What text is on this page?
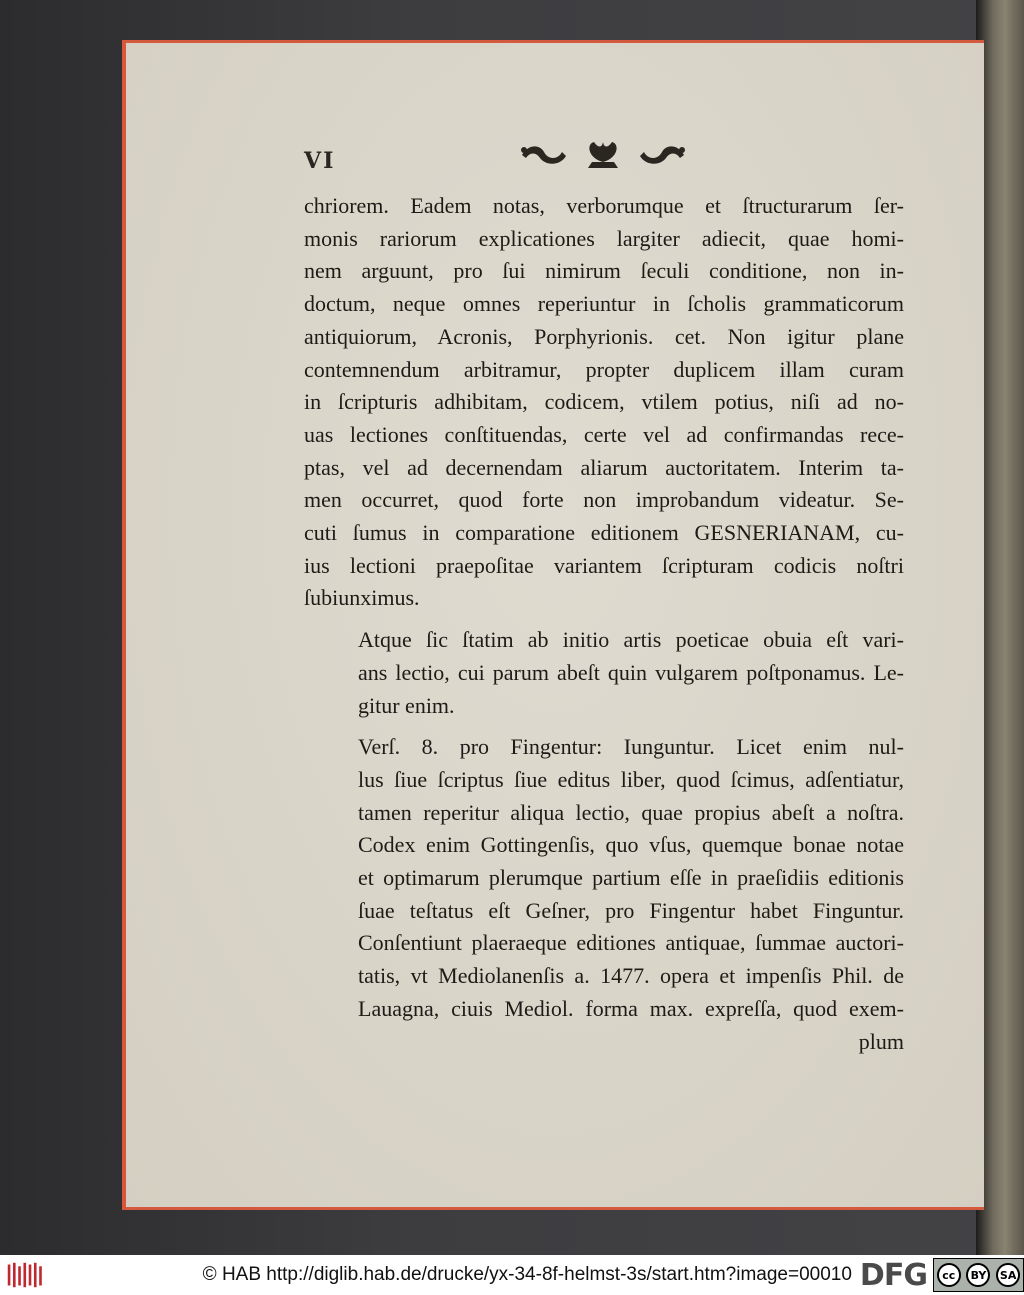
VI

chriorem. Eadem notas, verborumque et ſtructurarum ſer-
monis rariorum explicationes largiter adiecit, quae homi-
nem arguunt, pro ſui nimirum ſeculi conditione, non in-
doctum, neque omnes reperiuntur in ſcholis grammaticorum
antiquiorum, Acronis, Porphyrionis. cet. Non igitur plane
contemnendum arbitramur, propter duplicem illam curam
in ſcripturis adhibitam, codicem, vtilem potius, niſi ad no-
uas lectiones conſtituendas, certe vel ad confirmandas rece-
ptas, vel ad decernendam aliarum auctoritatem. Interim ta-
men occurret, quod forte non improbandum videatur. Se-
cuti ſumus in comparatione editionem GESNERIANAM, cu-
ius lectioni praepoſitae variantem ſcripturam codicis noſtri
ſubiunximus.

Atque ſic ſtatim ab initio artis poeticae obuia eſt vari-
ans lectio, cui parum abeſt quin vulgarem poſtponamus. Le-
gitur enim.

Verſ. 8. pro Fingentur: Iunguntur. Licet enim nul-
lus ſiue ſcriptus ſiue editus liber, quod ſcimus, adſentiatur,
tamen reperitur aliqua lectio, quae propius abeſt a noſtra.
Codex enim Gottingenſis, quo vſus, quemque bonae notae
et optimarum plerumque partium eſſe in praeſidiis editionis
ſuae teſtatus eſt Geſner, pro Fingentur habet Finguntur.
Conſentiunt plaeraeque editiones antiquae, ſummae auctori-
tatis, vt Mediolanenſis a. 1477. opera et impenſis Phil. de
Lauagna, ciuis Mediol. forma max. expreſſa, quod exem-

plum
© HAB http://diglib.hab.de/drucke/yx-34-8f-helmst-3s/start.htm?image=00010 DFG	cc	BY	SA
